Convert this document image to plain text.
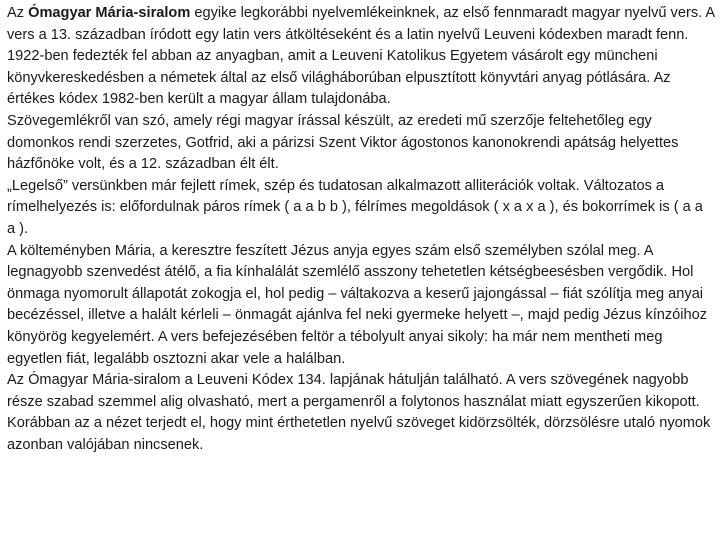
Az Ómagyar Mária-siralom egyike legkorábbi nyelvemlékeinknek, az első fennmaradt magyar nyelvű vers. A vers a 13. században íródott egy latin vers átköltéseként és a latin nyelvű Leuveni kódexben maradt fenn. 1922-ben fedezték fel abban az anyagban, amit a Leuveni Katolikus Egyetem vásárolt egy müncheni könyvkereskedésben a németek által az első világháborúban elpusztított könyvtári anyag pótlására. Az értékes kódex 1982-ben került a magyar állam tulajdonába.

Szövegemlékről van szó, amely régi magyar írással készült, az eredeti mű szerzője feltehetőleg egy domonkos rendi szerzetes, Gotfrid, aki a párizsi Szent Viktor ágostonos kanonokrendi apátság helyettes házfőnöke volt, és a 12. században élt élt.

„Legelső” versünkben már fejlett rímek, szép és tudatosan alkalmazott alliterációk voltak. Változatos a rímelhelyezés is: előfordulnak páros rímek ( a a b b ), félrímes megoldások ( x a x a ), és bokorrímek is ( a a a ).

A költeményben Mária, a keresztre feszített Jézus anyja egyes szám első személyben szólal meg. A legnagyobb szenvedést átélő, a fia kínhalálát szemlélő asszony tehetetlen kétségbeesésben vergődik. Hol önmaga nyomorult állapotát zokogja el, hol pedig – váltakozva a keserű jajongással – fiát szólítja meg anyai becézéssel, illetve a halált kérleli – önmagát ajánlva fel neki gyermeke helyett –, majd pedig Jézus kínzóihoz könyörög kegyelemért. A vers befejezésében feltör a tébolyult anyai sikoly: ha már nem mentheti meg egyetlen fiát, legalább osztozni akar vele a halálban.

Az Ómagyar Mária-siralom a Leuveni Kódex 134. lapjának hátulján található. A vers szövegének nagyobb része szabad szemmel alig olvasható, mert a pergamenről a folytonos használat miatt egyszerűen kikopott. Korábban az a nézet terjedt el, hogy mint érthetetlen nyelvű szöveget kidörzsölték, dörzsölésre utaló nyomok azonban valójában nincsenek.
